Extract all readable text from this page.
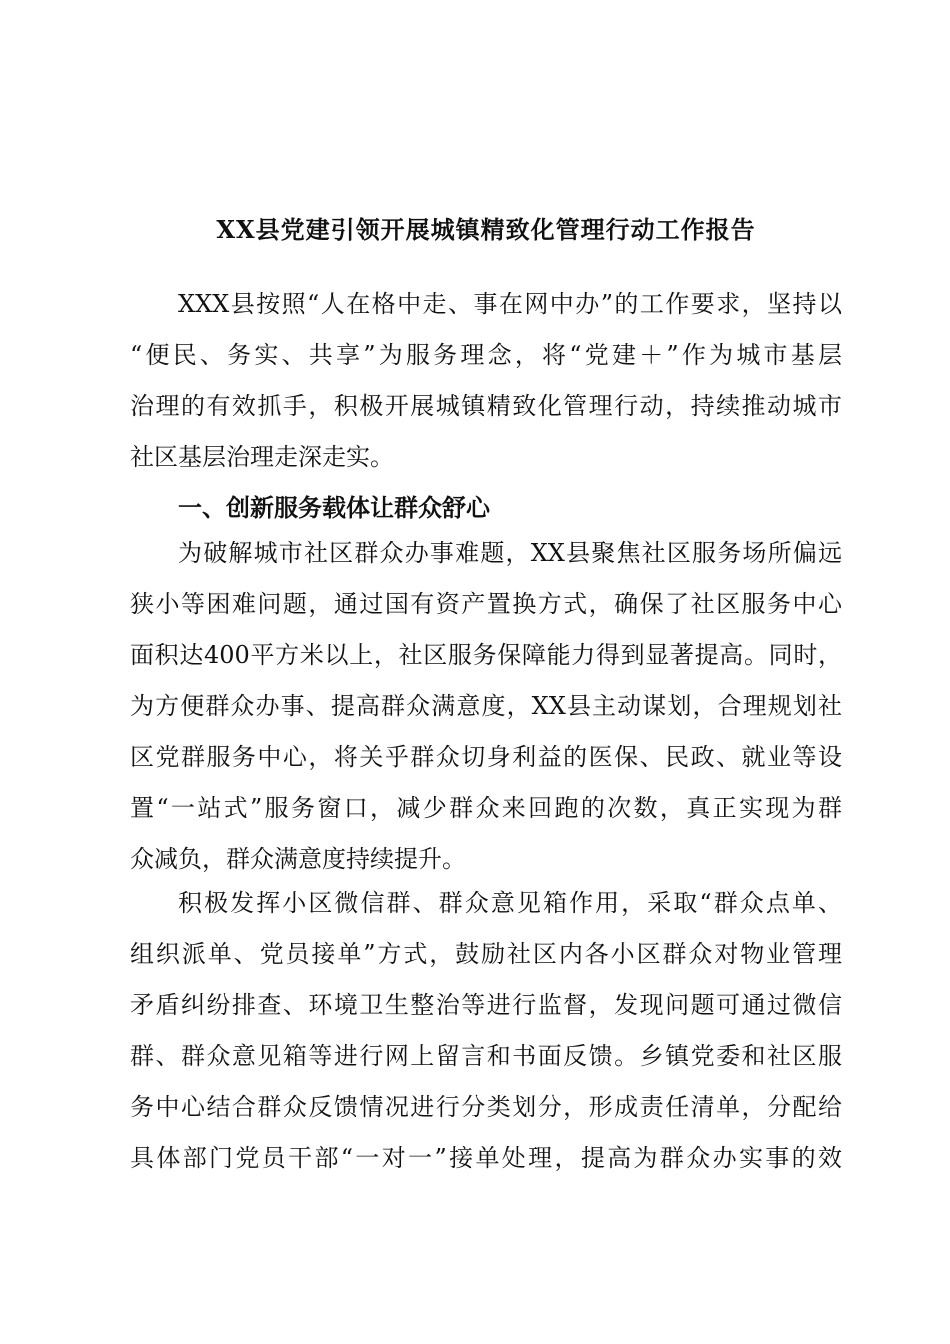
XX县党建引领开展城镇精致化管理行动工作报告
XXX县按照“人在格中走、事在网中办”的工作要求，坚持以
“便民、务实、共享”为服务理念，将“党建＋”作为城市基层
治理的有效抓手，积极开展城镇精致化管理行动，持续推动城市
社区基层治理走深走实。
一、创新服务载体让群众舒心
为破解城市社区群众办事难题，XX县聚焦社区服务场所偏远
狭小等困难问题，通过国有资产置换方式，确保了社区服务中心
面积达400平方米以上，社区服务保障能力得到显著提高。同时，
为方便群众办事、提高群众满意度，XX县主动谋划，合理规划社
区党群服务中心，将关乎群众切身利益的医保、民政、就业等设
置“一站式”服务窗口，减少群众来回跑的次数，真正实现为群
众减负，群众满意度持续提升。
积极发挥小区微信群、群众意见箱作用，采取“群众点单、
组织派单、党员接单”方式，鼓励社区内各小区群众对物业管理
矛盾纠纷排查、环境卫生整治等进行监督，发现问题可通过微信
群、群众意见箱等进行网上留言和书面反馈。乡镇党委和社区服
务中心结合群众反馈情况进行分类划分，形成责任清单，分配给
具体部门党员干部“一对一”接单处理，提高为群众办实事的效
